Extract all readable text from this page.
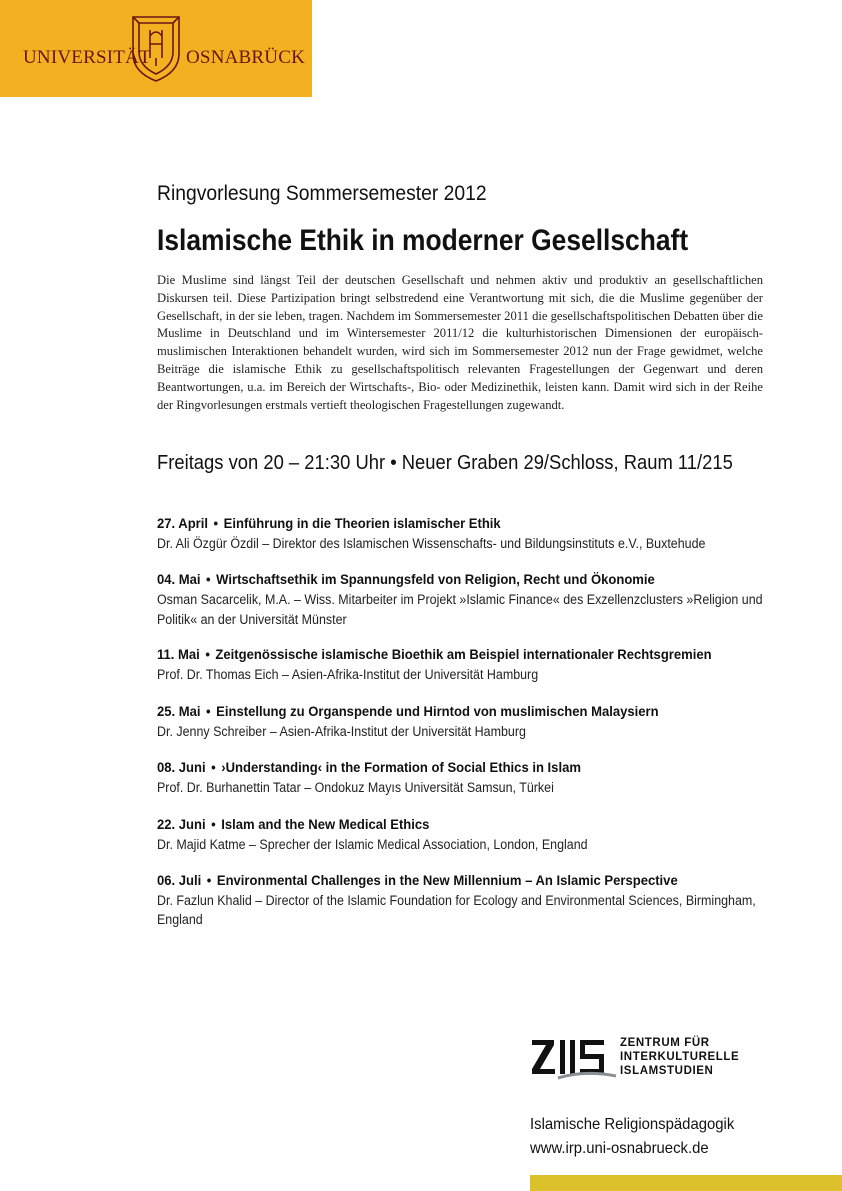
UNIVERSITÄT OSNABRÜCK
Ringvorlesung Sommersemester 2012
Islamische Ethik in moderner Gesellschaft

Die Muslime sind längst Teil der deutschen Gesellschaft und nehmen aktiv und produktiv an gesellschaftlichen Diskursen teil. Diese Partizipation bringt selbstredend eine Verantwortung mit sich, die die Muslime gegenüber der Gesellschaft, in der sie leben, tragen. Nachdem im Sommersemester 2011 die gesellschaftspolitischen Debatten über die Muslime in Deutschland und im Wintersemester 2011/12 die kulturhistorischen Dimensionen der europäisch-muslimischen Interaktionen behandelt wurden, wird sich im Sommersemester 2012 nun der Frage gewidmet, welche Beiträge die islamische Ethik zu gesellschaftspolitisch relevanten Fragestellungen der Gegenwart und deren Beantwortungen, u.a. im Bereich der Wirtschafts-, Bio- oder Medizinethik, leisten kann. Damit wird sich in der Reihe der Ringvorlesungen erstmals vertieft theologischen Fragestellungen zugewandt.

Freitags von 20 – 21:30 Uhr • Neuer Graben 29/Schloss, Raum 11/215

27. April • Einführung in die Theorien islamischer Ethik
Dr. Ali Özgür Özdil – Direktor des Islamischen Wissenschafts- und Bildungsinstituts e.V., Buxtehude
04. Mai • Wirtschaftsethik im Spannungsfeld von Religion, Recht und Ökonomie
Osman Sacarcelik, M.A. – Wiss. Mitarbeiter im Projekt »Islamic Finance« des Exzellenzclusters »Religion und Politik« an der Universität Münster
11. Mai • Zeitgenössische islamische Bioethik am Beispiel internationaler Rechtsgremien
Prof. Dr. Thomas Eich – Asien-Afrika-Institut der Universität Hamburg
25. Mai • Einstellung zu Organspende und Hirntod von muslimischen Malaysiern
Dr. Jenny Schreiber – Asien-Afrika-Institut der Universität Hamburg
08. Juni • ›Understanding‹ in the Formation of Social Ethics in Islam
Prof. Dr. Burhanettin Tatar – Ondokuz Mayıs Universität Samsun, Türkei
22. Juni • Islam and the New Medical Ethics
Dr. Majid Katme – Sprecher der Islamic Medical Association, London, England
06. Juli • Environmental Challenges in the New Millennium – An Islamic Perspective
Dr. Fazlun Khalid – Director of the Islamic Foundation for Ecology and Environmental Sciences, Birmingham, England
ZENTRUM FÜR
INTERKULTURELLE
ISLAMSTUDIEN
Islamische Religionspädagogik
www.irp.uni-osnabrueck.de
